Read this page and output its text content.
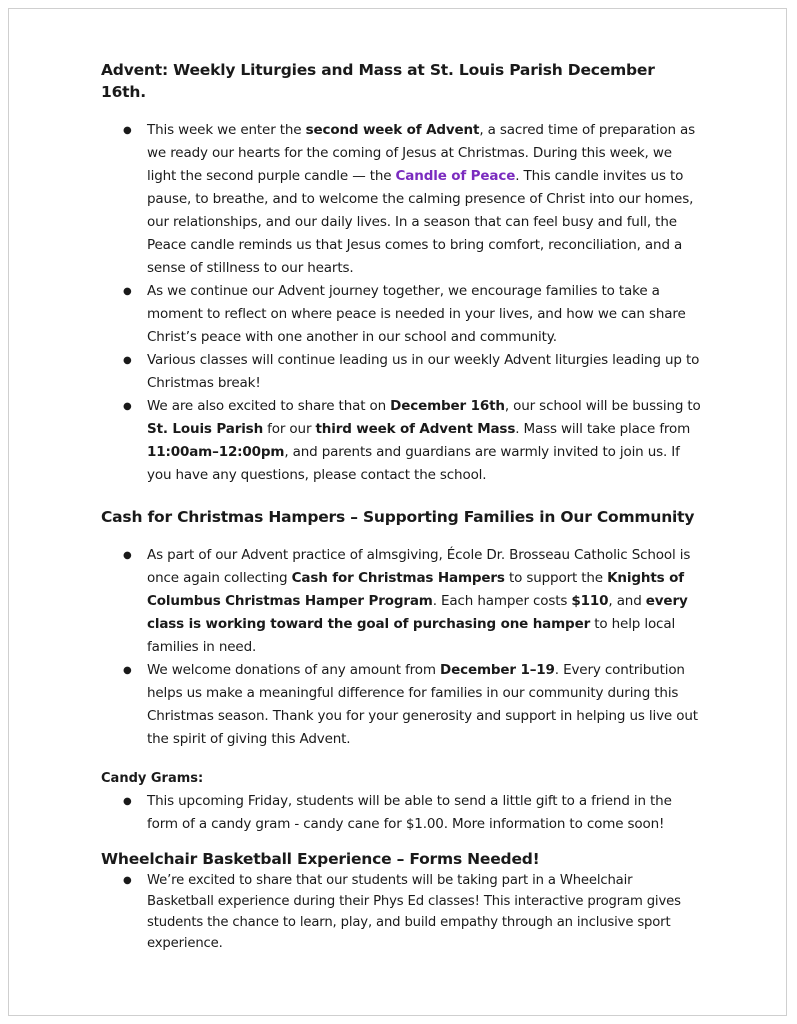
Advent: Weekly Liturgies and Mass at St. Louis Parish December 16th.
● This week we enter the second week of Advent, a sacred time of preparation as we ready our hearts for the coming of Jesus at Christmas. During this week, we light the second purple candle — the Candle of Peace. This candle invites us to pause, to breathe, and to welcome the calming presence of Christ into our homes, our relationships, and our daily lives. In a season that can feel busy and full, the Peace candle reminds us that Jesus comes to bring comfort, reconciliation, and a sense of stillness to our hearts.
● As we continue our Advent journey together, we encourage families to take a moment to reflect on where peace is needed in your lives, and how we can share Christ’s peace with one another in our school and community.
● Various classes will continue leading us in our weekly Advent liturgies leading up to Christmas break!
● We are also excited to share that on December 16th, our school will be bussing to St. Louis Parish for our third week of Advent Mass. Mass will take place from 11:00am–12:00pm, and parents and guardians are warmly invited to join us. If you have any questions, please contact the school.
Cash for Christmas Hampers – Supporting Families in Our Community
● As part of our Advent practice of almsgiving, École Dr. Brosseau Catholic School is once again collecting Cash for Christmas Hampers to support the Knights of Columbus Christmas Hamper Program. Each hamper costs $110, and every class is working toward the goal of purchasing one hamper to help local families in need.
● We welcome donations of any amount from December 1–19. Every contribution helps us make a meaningful difference for families in our community during this Christmas season. Thank you for your generosity and support in helping us live out the spirit of giving this Advent.
Candy Grams:
● This upcoming Friday, students will be able to send a little gift to a friend in the form of a candy gram - candy cane for $1.00. More information to come soon!
Wheelchair Basketball Experience – Forms Needed!
● We’re excited to share that our students will be taking part in a Wheelchair Basketball experience during their Phys Ed classes! This interactive program gives students the chance to learn, play, and build empathy through an inclusive sport experience.
